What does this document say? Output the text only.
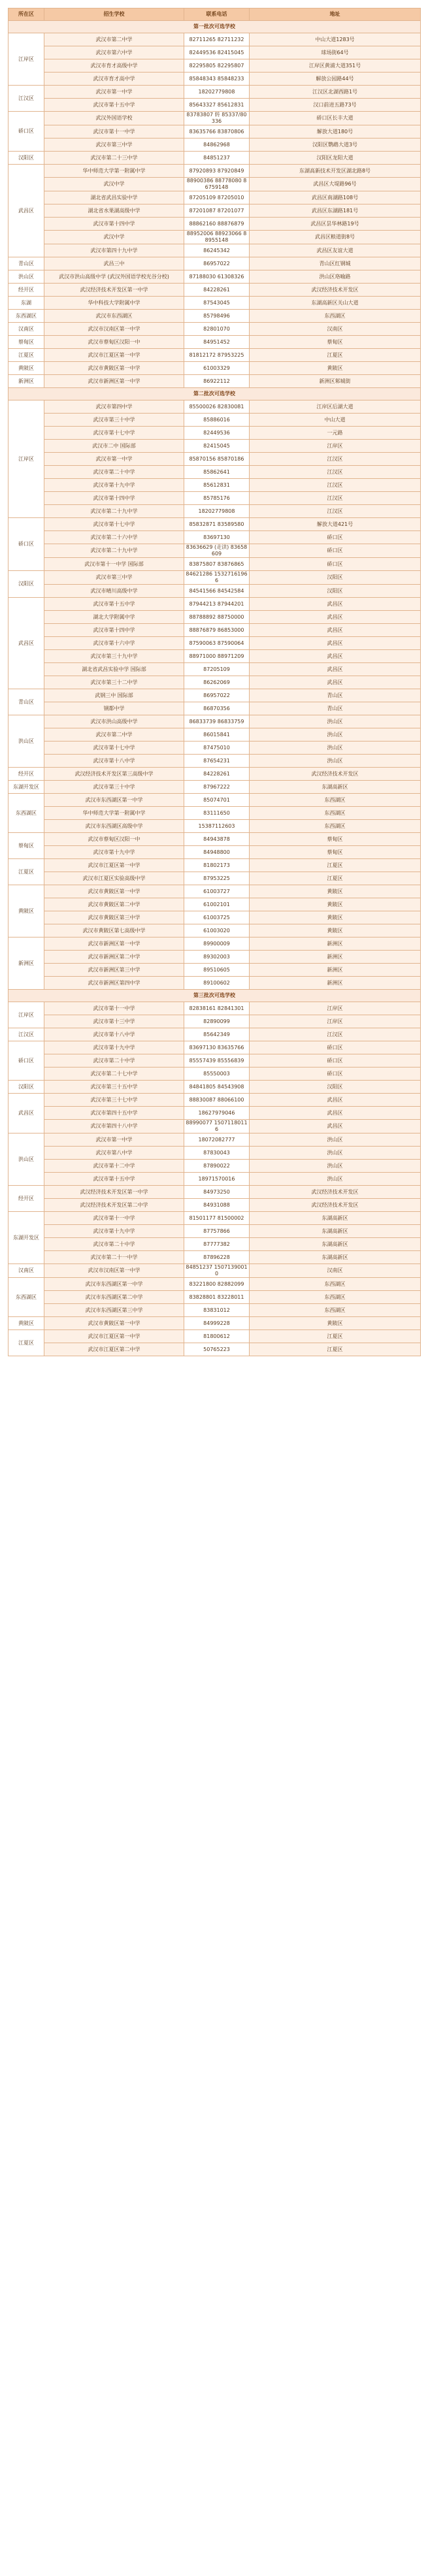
所在区	招生学校	联系电话	地址
第一批次可选学校			
江岸区	武汉市第二中学	82711265 82711232	中山大道1283号
	武汉市第六中学	82449536 82415045	球场街64号
	武汉市育才高级中学	82295805 82295807	江岸区黄浦大道351号
	武汉市育才高中学	85848343 85848233	解放公园路44号
江汉区	武汉市第一中学	18202779808	江汉区北湖西路1号
	武汉市第十五中学	85643327 85612831	汉口前进五路73号
硚口区	武汉外国语学校	83783807 转 85337/80336	硚口区长丰大道
	武汉市第十一中学	83635766 83870806	解放大道180号
	武汉市第三中学	84862968	汉阳区鹦鹉大道3号
汉阳区	武汉市第二十三中学	84851237	汉阳区龙阳大道
武昌区	华中师范大学第一附属中学	87920893 87920849	东湖高新技术开发区湖北路8号
	武汉中学	88900386 88778080 86759148	武昌区大堤路96号
	湖北省武昌实验中学	87205109 87205010	武昌区南湖路108号
	湖北省水果湖高级中学	87201087 87201077	武昌区东湖路181号
	武汉市第十四中学	88862160 88876879	武昌区昙华林路19号
	武汉中学	88952006 88923066 88955148	武昌区粮道街8号
	武汉市第四十九中学	86245342	武昌区友谊大道
青山区	武昌三中	86957022	青山区红钢城
洪山区	武汉市洪山高级中学 (武汉外国语学校光谷分校)	87188030 61308326	洪山区珞喻路
经开区	武汉经济技术开发区第一中学	84228261	武汉经济技术开发区
东湖	华中科技大学附属中学	87543045	东湖高新区关山大道
东西湖区	武汉市东西湖区	85798496	东西湖区
汉南区	武汉市汉南区第一中学	82801070	汉南区
蔡甸区	武汉市蔡甸区汉阳一中	84951452	蔡甸区
江夏区	武汉市江夏区第一中学	81812172 87953225	江夏区
黄陂区	武汉市黄陂区第一中学	61003329	黄陂区
新洲区	武汉市新洲区第一中学	86922112	新洲区邾城街
第二批次可选学校			
江岸区	武汉市第四中学	85500026 82830081	江岸区后湖大道
	武汉市第三十中学	85886016	中山大道
	武汉市第十七中学	82449536	一元路
	武汉市二中 国际部	82415045	江岸区
	武汉市第一中学	85870156 85870186	江汉区
	武汉市第二十中学	85862641	江汉区
	武汉市第十九中学	85612831	江汉区
	武汉市第十四中学	85785176	江汉区
	武汉市第二十九中学	18202779808	江汉区
硚口区	武汉市第十七中学	85832871 83589580	解放大道421号
	武汉市第二十六中学	83697130	硚口区
	武汉市第二十九中学	83636629 (走读) 83658609	硚口区
	武汉市第十一中学 国际部	83875807 83876865	硚口区
汉阳区	武汉市第三中学	84621286 15327161966	汉阳区
	武汉市晴川高级中学	84541566 84542584	汉阳区
武昌区	武汉市第十五中学	87944213 87944201	武昌区
	湖北大学附属中学	88788892 88750000	武昌区
	武汉市第十四中学	88876879 86853000	武昌区
	武汉市第十六中学	87590063 87590064	武昌区
	武汉市第三十九中学	88971000 88971209	武昌区
	湖北省武昌实验中学 国际部	87205109	武昌区
	武汉市第三十二中学	86262069	武昌区
青山区	武钢三中 国际部	86957022	青山区
	钢都中学	86870356	青山区
洪山区	武汉市洪山高级中学	86833739 86833759	洪山区
	武汉市第二中学	86015841	洪山区
	武汉市第十七中学	87475010	洪山区
	武汉市第十八中学	87654231	洪山区
经开区	武汉经济技术开发区第三高级中学	84228261	武汉经济技术开发区
东湖开发区	武汉市第三十中学	87967222	东湖高新区
东西湖区	武汉市东西湖区第一中学	85074701	东西湖区
	华中师范大学第一附属中学	83111650	东西湖区
	武汉市东西湖区高级中学	15387112603	东西湖区
蔡甸区	武汉市蔡甸区汉阳一中	84943878	蔡甸区
	武汉市第十九中学	84948800	蔡甸区
江夏区	武汉市江夏区第一中学	81802173	江夏区
	武汉市江夏区实验高级中学	87953225	江夏区
黄陂区	武汉市黄陂区第一中学	61003727	黄陂区
	武汉市黄陂区第二中学	61002101	黄陂区
	武汉市黄陂区第三中学	61003725	黄陂区
	武汉市黄陂区第七高级中学	61003020	黄陂区
新洲区	武汉市新洲区第一中学	89900009	新洲区
	武汉市新洲区第二中学	89302003	新洲区
	武汉市新洲区第三中学	89510605	新洲区
	武汉市新洲区第四中学	89100602	新洲区
第三批次可选学校			
江岸区	武汉市第十一中学	82838161 82841301	江岸区
	武汉市第十三中学	82890099	江岸区
江汉区	武汉市第十八中学	85642349	江汉区
硚口区	武汉市第十九中学	83697130 83635766	硚口区
	武汉市第二十中学	85557439 85556839	硚口区
	武汉市第二十七中学	85550003	硚口区
汉阳区	武汉市第三十五中学	84841805 84543908	汉阳区
武昌区	武汉市第三十七中学	88830087 88066100	武昌区
	武汉市第四十五中学	18627979046	武昌区
	武汉市第四十八中学	88990077 15071180116	武昌区
洪山区	武汉市第一中学	18072082777	洪山区
	武汉市第八中学	87830043	洪山区
	武汉市第十二中学	87890022	洪山区
	武汉市第十五中学	18971570016	洪山区
经开区	武汉经济技术开发区第一中学	84973250	武汉经济技术开发区
	武汉经济技术开发区第二中学	84931088	武汉经济技术开发区
东湖开发区	武汉市第十一中学	81501177 81500002	东湖高新区
	武汉市第十九中学	87757866	东湖高新区
	武汉市第二十中学	87777382	东湖高新区
	武汉市第二十一中学	87896228	东湖高新区
汉南区	武汉市汉南区第一中学	84851237 15071390010	汉南区
东西湖区	武汉市东西湖区第一中学	83221800 82882099	东西湖区
	武汉市东西湖区第二中学	83828801 83228011	东西湖区
	武汉市东西湖区第三中学	83831012	东西湖区
黄陂区	武汉市黄陂区第一中学	84999228	黄陂区
江夏区	武汉市江夏区第一中学	81800612	江夏区
	武汉市江夏区第二中学	50765223	江夏区
